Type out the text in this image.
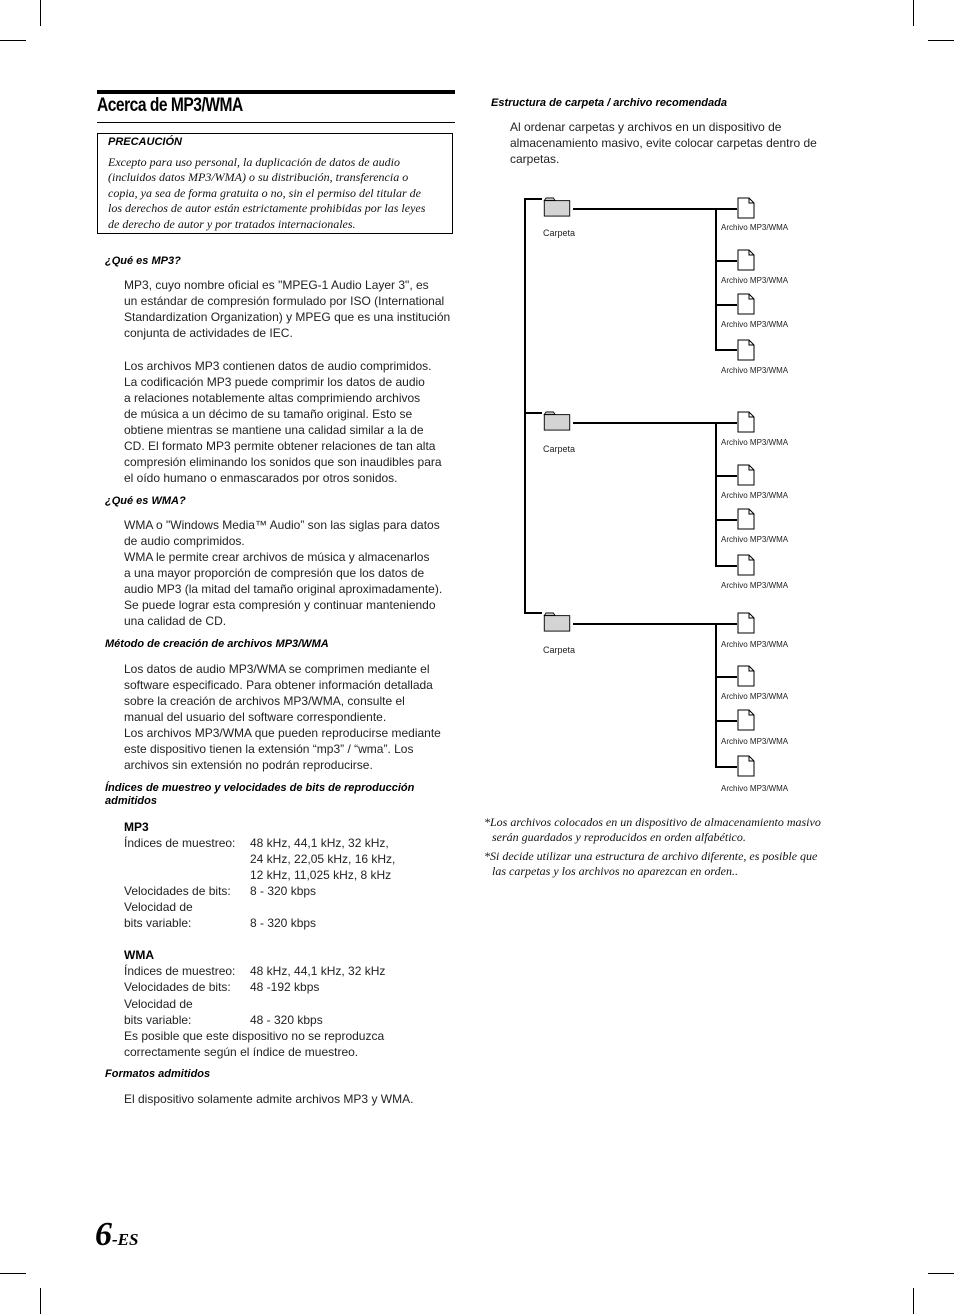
Acerca de MP3/WMA
PRECAUCIÓN
Excepto para uso personal, la duplicación de datos de audio
(incluidos datos MP3/WMA) o su distribución, transferencia o
copia, ya sea de forma gratuita o no, sin el permiso del titular de
los derechos de autor están estrictamente prohibidas por las leyes
de derecho de autor y por tratados internacionales.
¿Qué es MP3?
MP3, cuyo nombre oficial es "MPEG-1 Audio Layer 3", es
un estándar de compresión formulado por ISO (International
Standardization Organization) y MPEG que es una institución
conjunta de actividades de IEC.
Los archivos MP3 contienen datos de audio comprimidos.
La codificación MP3 puede comprimir los datos de audio
a relaciones notablemente altas comprimiendo archivos
de música a un décimo de su tamaño original. Esto se
obtiene mientras se mantiene una calidad similar a la de
CD. El formato MP3 permite obtener relaciones de tan alta
compresión eliminando los sonidos que son inaudibles para
el oído humano o enmascarados por otros sonidos.
¿Qué es WMA?
WMA o "Windows Media™ Audio” son las siglas para datos
de audio comprimidos.
WMA le permite crear archivos de música y almacenarlos
a una mayor proporción de compresión que los datos de
audio MP3 (la mitad del tamaño original aproximadamente).
Se puede lograr esta compresión y continuar manteniendo
una calidad de CD.
Método de creación de archivos MP3/WMA
Los datos de audio MP3/WMA se comprimen mediante el
software especificado. Para obtener información detallada
sobre la creación de archivos MP3/WMA, consulte el
manual del usuario del software correspondiente.
Los archivos MP3/WMA que pueden reproducirse mediante
este dispositivo tienen la extensión “mp3” / “wma”. Los
archivos sin extensión no podrán reproducirse.
Índices de muestreo y velocidades de bits de reproducción
admitidos
MP3
Índices de muestreo: 48 kHz, 44,1 kHz, 32 kHz,
24 kHz, 22,05 kHz, 16 kHz,
12 kHz, 11,025 kHz, 8 kHz
Velocidades de bits: 8 - 320 kbps
Velocidad de
bits variable:	8 - 320 kbps
WMA
Índices de muestreo: 48 kHz, 44,1 kHz, 32 kHz
Velocidades de bits: 48 -192 kbps
Velocidad de
bits variable:	48 - 320 kbps
Es posible que este dispositivo no se reproduzca
correctamente según el índice de muestreo.
Formatos admitidos
El dispositivo solamente admite archivos MP3 y WMA.
Estructura de carpeta / archivo recomendada
Al ordenar carpetas y archivos en un dispositivo de
almacenamiento masivo, evite colocar carpetas dentro de
carpetas.
Carpeta
Carpeta
Carpeta
Archivo MP3/WMA
Archivo MP3/WMA
Archivo MP3/WMA
Archivo MP3/WMA
Archivo MP3/WMA
Archivo MP3/WMA
Archivo MP3/WMA
Archivo MP3/WMA
Archivo MP3/WMA
Archivo MP3/WMA
Archivo MP3/WMA
Archivo MP3/WMA
*Los archivos colocados en un dispositivo de almacenamiento masivo
serán guardados y reproducidos en orden alfabético.
*Si decide utilizar una estructura de archivo diferente, es posible que
las carpetas y los archivos no aparezcan en orden..
6-ES
